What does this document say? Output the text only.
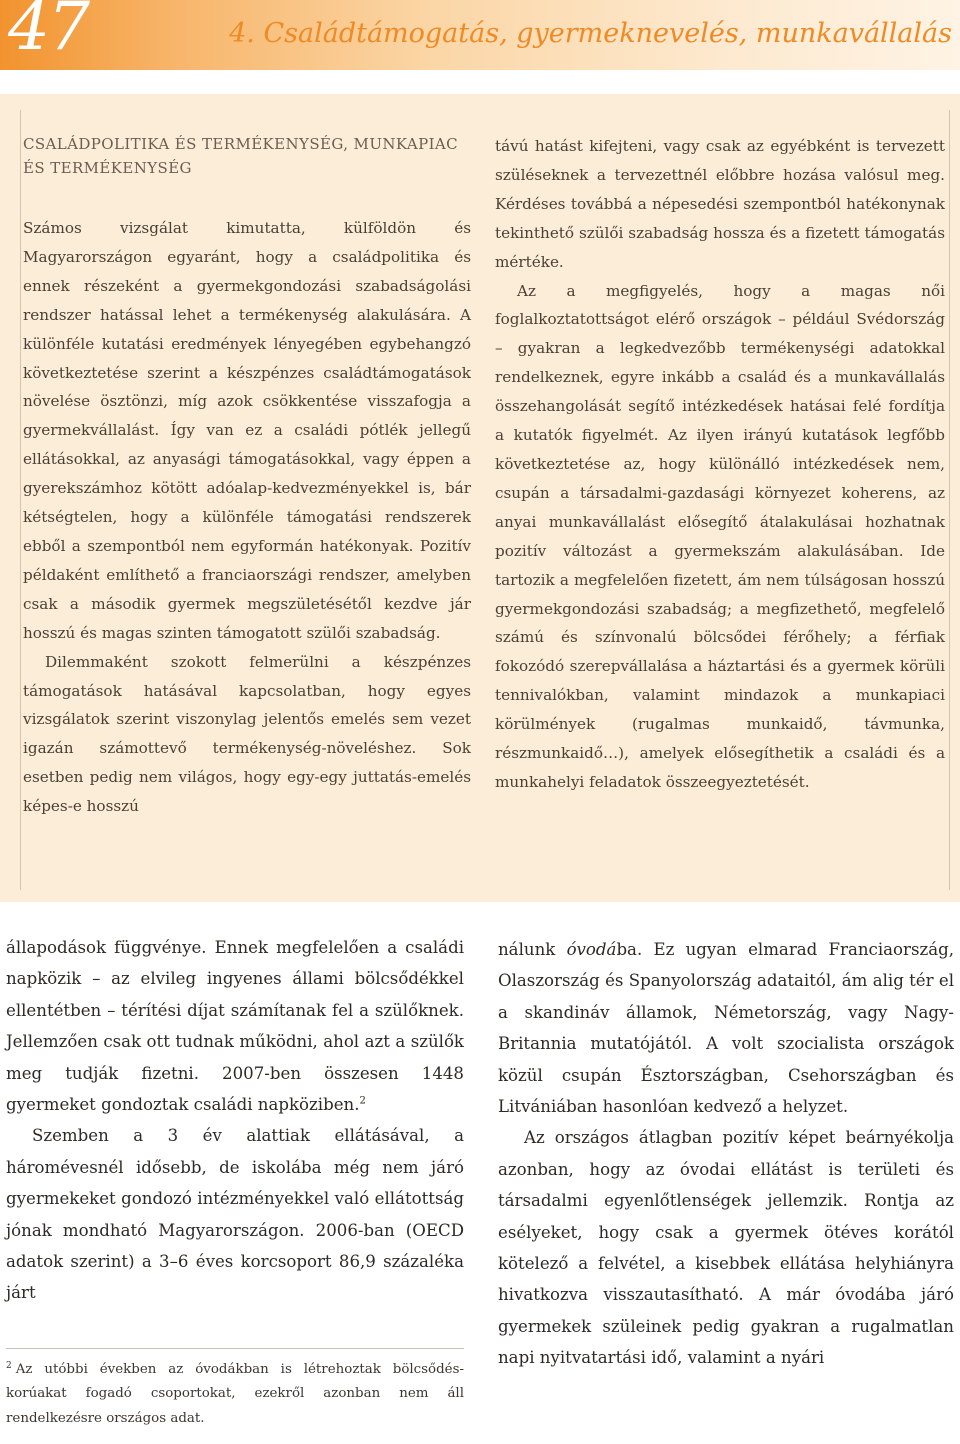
47	4. Családtámogatás, gyermeknevelés, munkavállalás
CSALÁDPOLITIKA ÉS TERMÉKENYSÉG, MUNKAPIAC ÉS TERMÉKENYSÉG

Számos vizsgálat kimutatta, külföldön és Magyarországon egyaránt, hogy a családpolitika és ennek részeként a gyermekgondozási szabadságolási rendszer hatással lehet a termékenység alakulására. A különféle kutatási eredmények lényegében egybehangzó következtetése szerint a készpénzes családtámogatások növelése ösztönzi, míg azok csökkentése visszafogja a gyermekvállalást. Így van ez a családi pótlék jellegű ellátásokkal, az anyasági támogatásokkal, vagy éppen a gyerekszámhoz kötött adóalap-kedvezményekkel is, bár kétségtelen, hogy a különféle támogatási rendszerek ebből a szempontból nem egyformán hatékonyak. Pozitív példaként említhető a franciaországi rendszer, amelyben csak a második gyermek megszületésétől kezdve jár hosszú és magas szinten támogatott szülői szabadság.

Dilemmaként szokott felmerülni a készpénzes támogatások hatásával kapcsolatban, hogy egyes vizsgálatok szerint viszonylag jelentős emelés sem vezet igazán számottevő termékenység-növeléshez. Sok esetben pedig nem világos, hogy egy-egy juttatás-emelés képes-e hosszú

távú hatást kifejteni, vagy csak az egyébként is tervezett szüléseknek a tervezettnél előbbre hozása valósul meg. Kérdéses továbbá a népesedési szempontból hatékonynak tekinthető szülői szabadság hossza és a fizetett támogatás mértéke.

Az a megfigyelés, hogy a magas női foglalkoztatottságot elérő országok – például Svédország – gyakran a legkedvezőbb termékenységi adatokkal rendelkeznek, egyre inkább a család és a munkavállalás összehangolását segítő intézkedések hatásai felé fordítja a kutatók figyelmét. Az ilyen irányú kutatások legfőbb következtetése az, hogy különálló intézkedések nem, csupán a társadalmi-gazdasági környezet koherens, az anyai munkavállalást elősegítő átalakulásai hozhatnak pozitív változást a gyermekszám alakulásában. Ide tartozik a megfelelően fizetett, ám nem túlságosan hosszú gyermekgondozási szabadság; a megfizethető, megfelelő számú és színvonalú bölcsődei férőhely; a férfiak fokozódó szerepvállalása a háztartási és a gyermek körüli tennivalókban, valamint mindazok a munkapiaci körülmények (rugalmas munkaidő, távmunka, részmunkaidő…), amelyek elősegíthetik a családi és a munkahelyi feladatok összeegyeztetését.

állapodások függvénye. Ennek megfelelően a családi napközik – az elvileg ingyenes állami bölcsődékkel ellentétben – térítési díjat számítanak fel a szülőknek. Jellemzően csak ott tudnak működni, ahol azt a szülők meg tudják fizetni. 2007-ben összesen 1448 gyermeket gondoztak családi napköziben.$^2$

Szemben a 3 év alattiak ellátásával, a háromévesnél idősebb, de iskolába még nem járó gyermekeket gondozó intézményekkel való ellátottság jónak mondható Magyarországon. 2006-ban (OECD adatok szerint) a 3–6 éves korcsoport 86,9 százaléka járt

nálunk óvodába. Ez ugyan elmarad Franciaország, Olaszország és Spanyolország adataitól, ám alig tér el a skandináv államok, Németország, vagy Nagy-Britannia mutatójától. A volt szocialista országok közül csupán Észtországban, Csehországban és Litvániában hasonlóan kedvező a helyzet.

Az országos átlagban pozitív képet beárnyékolja azonban, hogy az óvodai ellátást is területi és társadalmi egyenlőtlenségek jellemzik. Rontja az esélyeket, hogy csak a gyermek ötéves korától kötelező a felvétel, a kisebbek ellátása helyhiányra hivatkozva visszautasítható. A már óvodába járó gyermekek szüleinek pedig gyakran a rugalmatlan napi nyitvatartási idő, valamint a nyári

$^2$ Az utóbbi években az óvodákban is létrehoztak bölcsődés-korúakat fogadó csoportokat, ezekről azonban nem áll rendelkezésre országos adat.
